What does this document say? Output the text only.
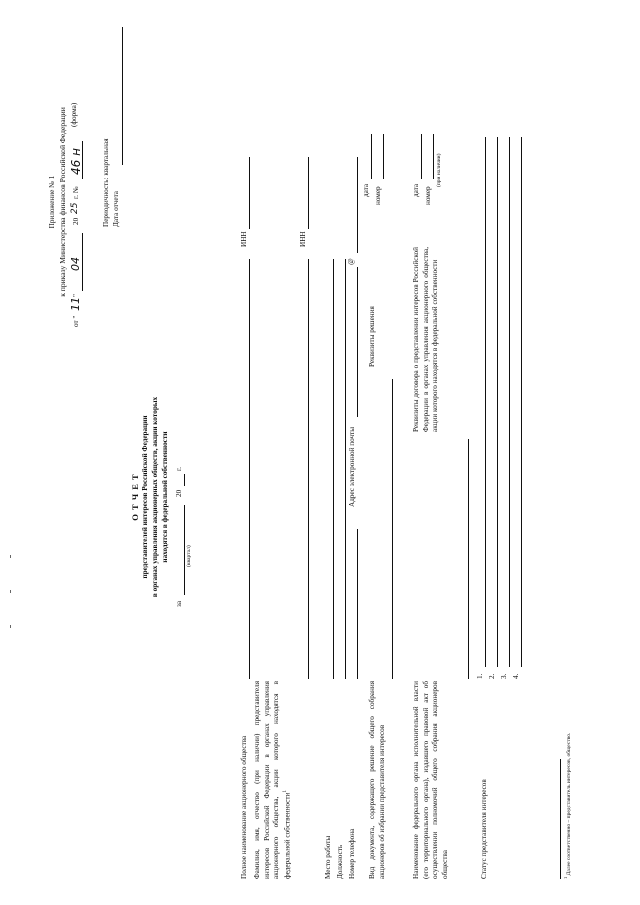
Приложение № 1 к приказу Министерства финансов Российской Федерации
от "
11
"
04
20
25
г. №
46 н
(форма)
Периодичность: квартальная Дата отчета
О Т Ч Е Т представителей интересов Российской Федерации в органах управления акционерных обществ, акции которых находятся в федеральной собственности
за
(квартал)
20
г.
Полное наименование акционерного общества
ИНН
Фамилия, имя, отчество (при наличии) представителя интересов Российской Федерации в органах управления акционерного общества, акции которого находятся в федеральной собственности$^1$
ИНН
Место работы Должность Номер телефона
Адрес электронной почты
@
Вид документа, содержащего решение общего собрания акционеров об избрании представителя интересов
Реквизиты решения
дата номер
Наименование федерального органа исполнительной власти (его территориального органа), издавшего правовой акт об осуществлении полномочий общего собрания акционеров общества
Реквизиты договора о представлении интересов Российской Федерации в органах управления акционерного общества, акции которого находятся в федеральной собственности
дата номер
(при наличии)
Статус представителя интересов
1. 2. 3. 4.
$^1$ Далее соответственно – представитель интересов, общество.
